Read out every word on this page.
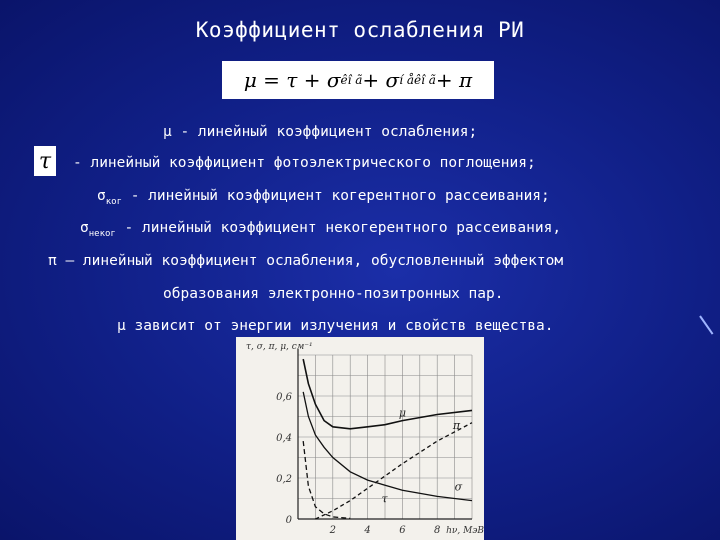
Коэффициент ослабления РИ
μ = τ + σ êî ã + σ í åêî ã + π
μ - линейный коэффициент ослабления;
τ	- линейный коэффициент фотоэлектрического поглощения;
$\sigma_{ког}$ - линейный коэффициент когерентного рассеивания;
$\sigma_{неког}$ - линейный коэффициент некогерентного рассеивания,
π – линейный коэффициент ослабления, обусловленный эффектом
образования электронно-позитронных пар.
μ зависит от энергии излучения и свойств вещества.
0
0,2
0,4
0,6
2	4	6	8
τ, σ, π, μ, см⁻¹
hν, МэВ
μ
π
σ
τ
